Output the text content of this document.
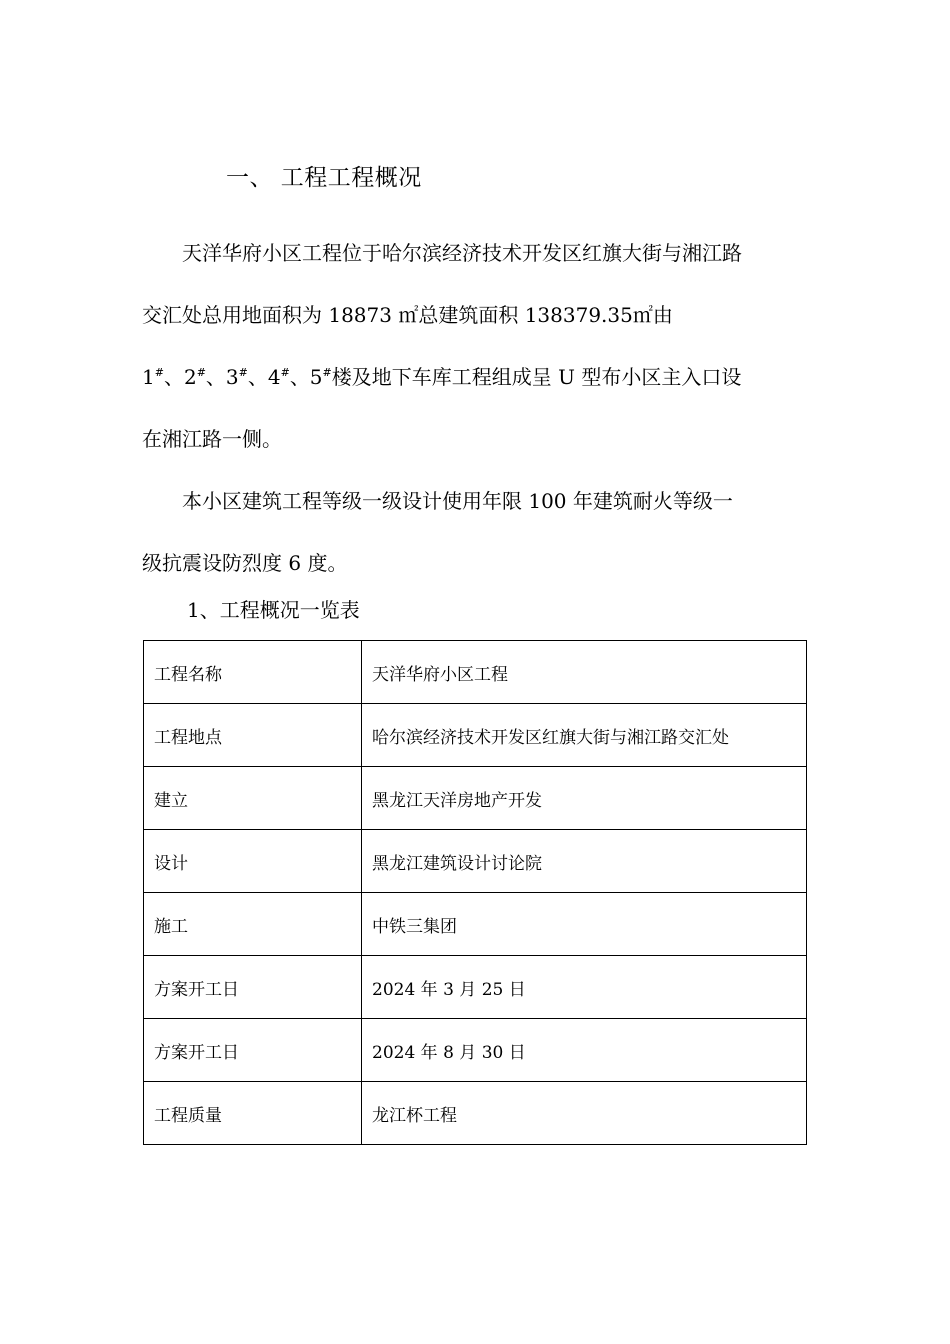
一、 工程工程概况

天洋华府小区工程位于哈尔滨经济技术开发区红旗大街与湘江路
交汇处总用地面积为 18873 ㎡总建筑面积 138379.35㎡由
1#、2#、3#、4#、5#楼及地下车库工程组成呈 U 型布小区主入口设
在湘江路一侧。

本小区建筑工程等级一级设计使用年限 100 年建筑耐火等级一
级抗震设防烈度 6 度。

1、工程概况一览表
工程名称	天洋华府小区工程
工程地点	哈尔滨经济技术开发区红旗大街与湘江路交汇处
建立	黑龙江天洋房地产开发
设计	黑龙江建筑设计讨论院
施工	中铁三集团
方案开工日	2024 年 3 月 25 日
方案开工日	2024 年 8 月 30 日
工程质量	龙江杯工程
